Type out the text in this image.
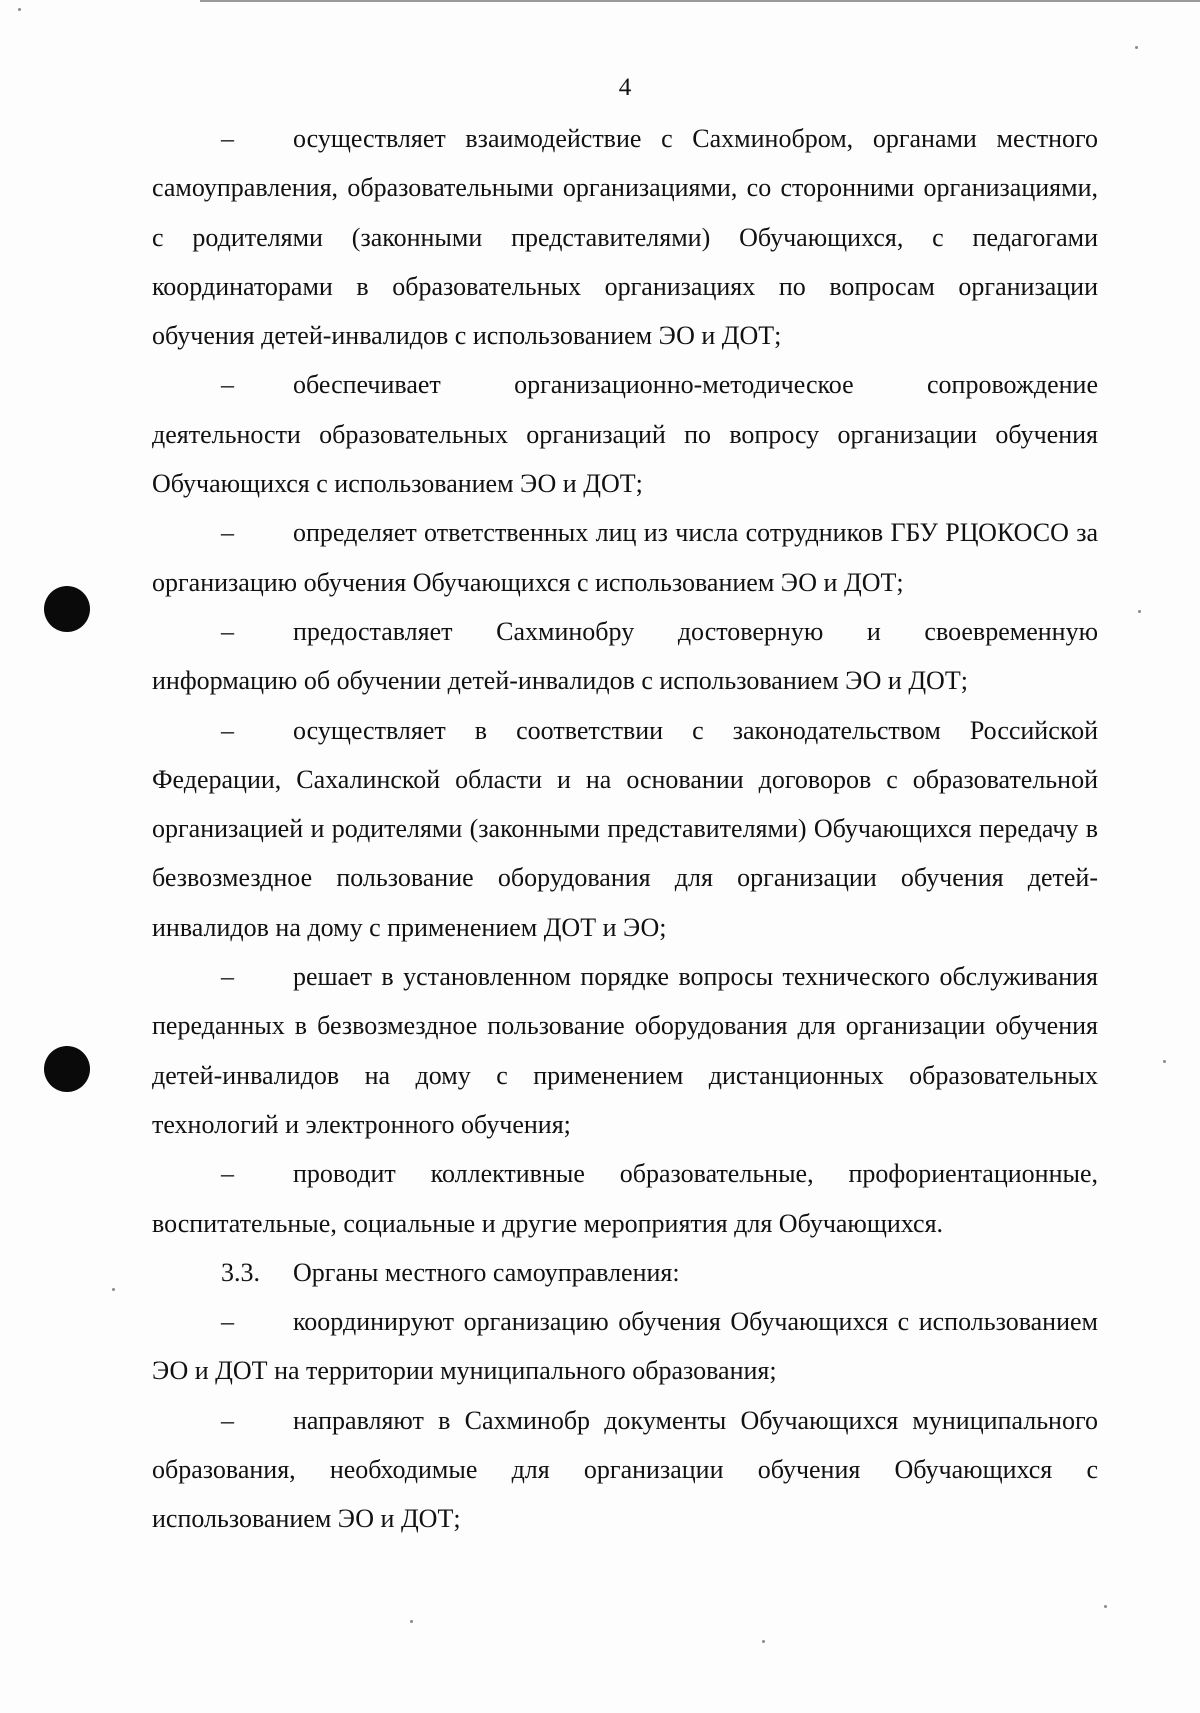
4

– осуществляет взаимодействие с Сахминобром, органами местного самоуправления, образовательными организациями, со сторонними организациями, с родителями (законными представителями) Обучающихся, с педагогами координаторами в образовательных организациях по вопросам организации обучения детей-инвалидов с использованием ЭО и ДОТ;

– обеспечивает организационно-методическое сопровождение деятельности образовательных организаций по вопросу организации обучения Обучающихся с использованием ЭО и ДОТ;

– определяет ответственных лиц из числа сотрудников ГБУ РЦОКОСО за организацию обучения Обучающихся с использованием ЭО и ДОТ;

– предоставляет Сахминобру достоверную и своевременную информацию об обучении детей-инвалидов с использованием ЭО и ДОТ;

– осуществляет в соответствии с законодательством Российской Федерации, Сахалинской области и на основании договоров с образовательной организацией и родителями (законными представителями) Обучающихся передачу в безвозмездное пользование оборудования для организации обучения детей-инвалидов на дому с применением ДОТ и ЭО;

– решает в установленном порядке вопросы технического обслуживания переданных в безвозмездное пользование оборудования для организации обучения детей-инвалидов на дому с применением дистанционных образовательных технологий и электронного обучения;

– проводит коллективные образовательные, профориентационные, воспитательные, социальные и другие мероприятия для Обучающихся.

3.3. Органы местного самоуправления:

– координируют организацию обучения Обучающихся с использованием ЭО и ДОТ на территории муниципального образования;

– направляют в Сахминобр документы Обучающихся муниципального образования, необходимые для организации обучения Обучающихся с использованием ЭО и ДОТ;
